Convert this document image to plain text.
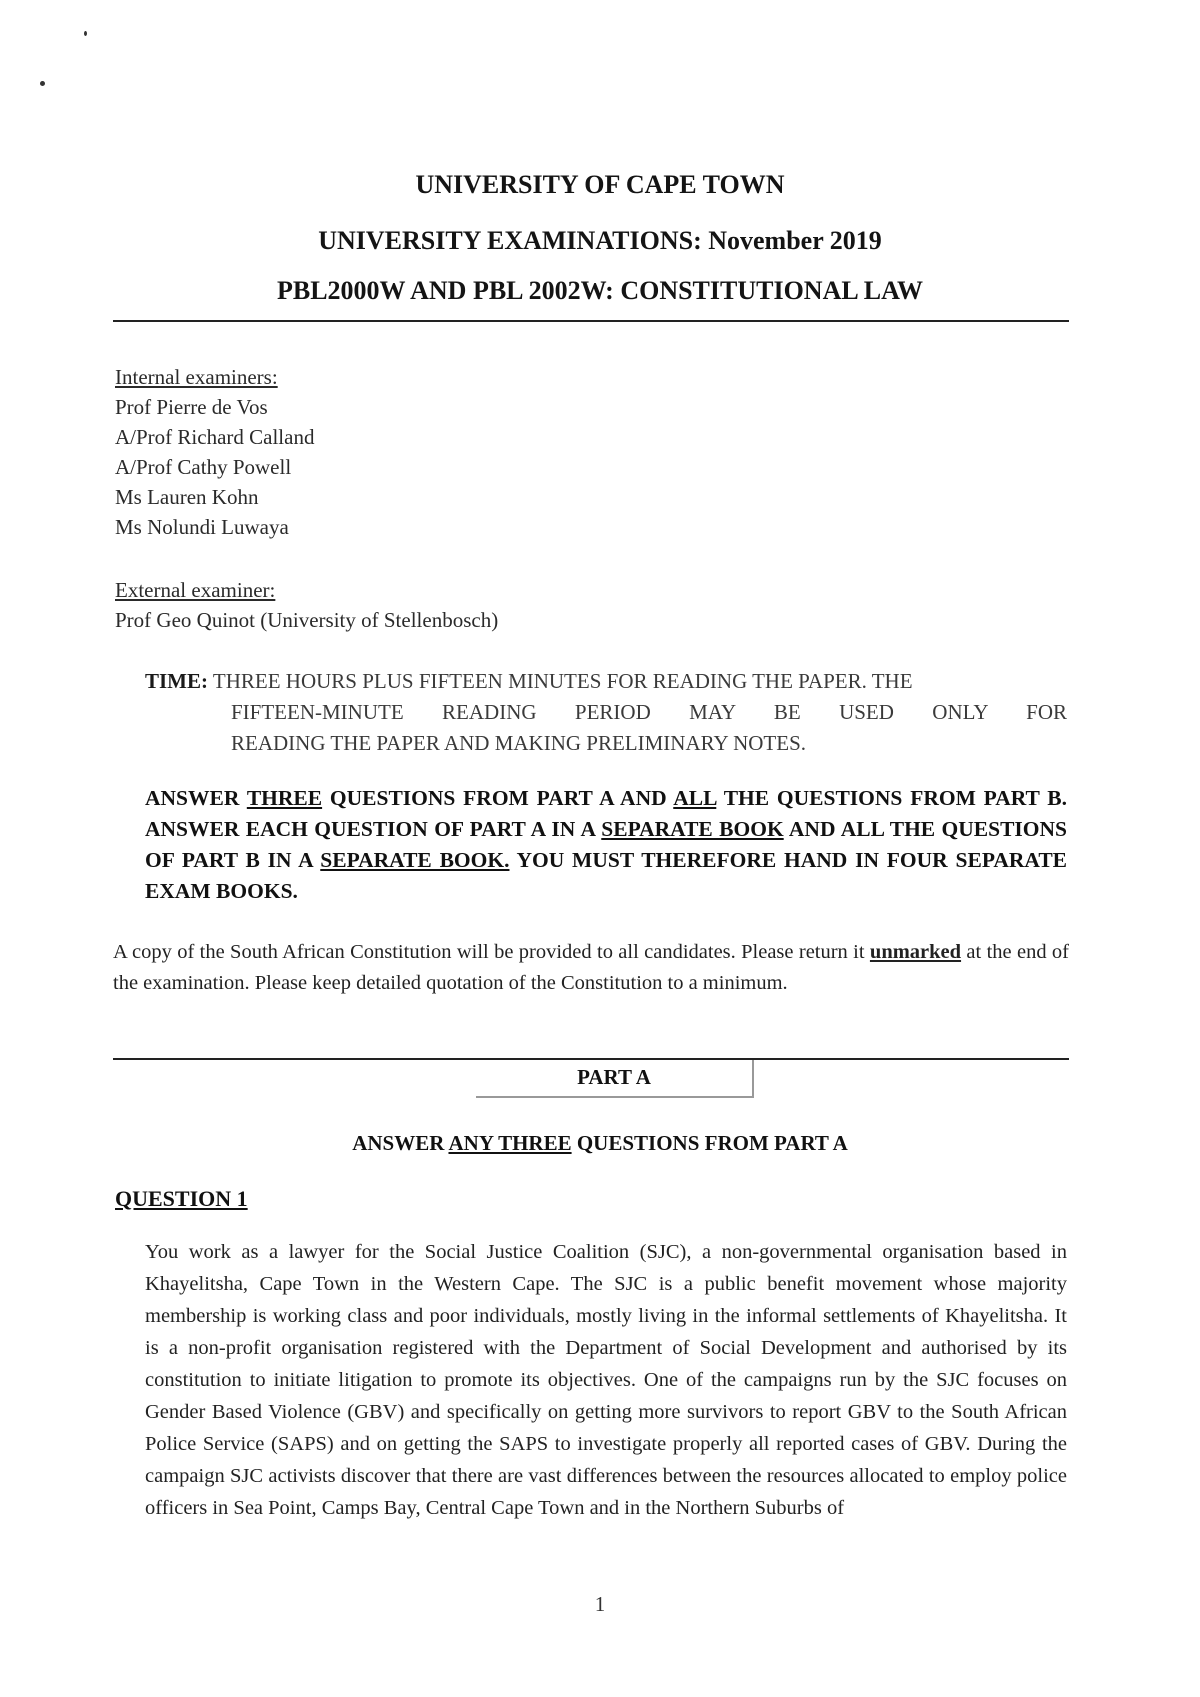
UNIVERSITY OF CAPE TOWN
UNIVERSITY EXAMINATIONS: November 2019
PBL2000W AND PBL 2002W: CONSTITUTIONAL LAW
Internal examiners:
Prof Pierre de Vos
A/Prof Richard Calland
A/Prof Cathy Powell
Ms Lauren Kohn
Ms Nolundi Luwaya
External examiner:
Prof Geo Quinot (University of Stellenbosch)
TIME: THREE HOURS PLUS FIFTEEN MINUTES FOR READING THE PAPER. THE
FIFTEEN-MINUTE READING PERIOD MAY BE USED ONLY FOR
READING THE PAPER AND MAKING PRELIMINARY NOTES.
ANSWER THREE QUESTIONS FROM PART A AND ALL THE QUESTIONS FROM PART B. ANSWER EACH QUESTION OF PART A IN A SEPARATE BOOK AND ALL THE QUESTIONS OF PART B IN A SEPARATE BOOK. YOU MUST THEREFORE HAND IN FOUR SEPARATE EXAM BOOKS.
A copy of the South African Constitution will be provided to all candidates. Please return it unmarked at the end of the examination. Please keep detailed quotation of the Constitution to a minimum.
PART A
ANSWER ANY THREE QUESTIONS FROM PART A
QUESTION 1
You work as a lawyer for the Social Justice Coalition (SJC), a non-governmental organisation based in Khayelitsha, Cape Town in the Western Cape. The SJC is a public benefit movement whose majority membership is working class and poor individuals, mostly living in the informal settlements of Khayelitsha. It is a non-profit organisation registered with the Department of Social Development and authorised by its constitution to initiate litigation to promote its objectives. One of the campaigns run by the SJC focuses on Gender Based Violence (GBV) and specifically on getting more survivors to report GBV to the South African Police Service (SAPS) and on getting the SAPS to investigate properly all reported cases of GBV. During the campaign SJC activists discover that there are vast differences between the resources allocated to employ police officers in Sea Point, Camps Bay, Central Cape Town and in the Northern Suburbs of
1
